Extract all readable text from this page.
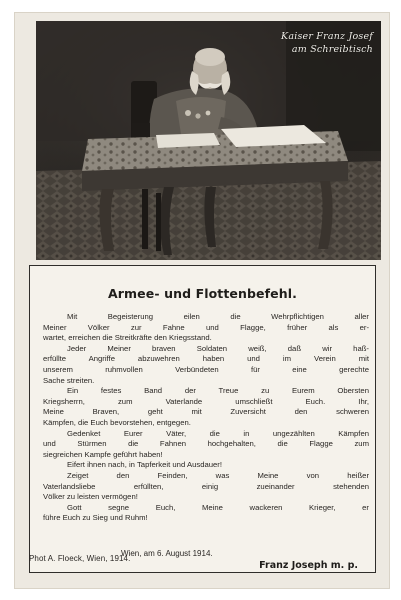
Kaiser Franz Josef
am Schreibtisch
Armee- und Flottenbefehl.

Mit Begeisterung eilen die Wehrpflichtigen aller
Meiner Völker zur Fahne und Flagge, früher als er-
wartet, erreichen die Streitkräfte den Kriegsstand.

Jeder Meiner braven Soldaten weiß, daß wir haß-
erfüllte Angriffe abzuwehren haben und im Verein mit
unserem ruhmvollen Verbündeten für eine gerechte
Sache streiten.

Ein festes Band der Treue zu Eurem Obersten
Kriegsherrn, zum Vaterlande umschließt Euch. Ihr,
Meine Braven, geht mit Zuversicht den schweren
Kämpfen, die Euch bevorstehen, entgegen.

Gedenket Eurer Väter, die in ungezählten Kämpfen
und Stürmen die Fahnen hochgehalten, die Flagge zum
siegreichen Kampfe geführt haben!

Eifert ihnen nach, in Tapferkeit und Ausdauer!

Zeiget den Feinden, was Meine von heißer
Vaterlandsliebe erfüllten, einig zueinander stehenden
Völker zu leisten vermögen!

Gott segne Euch, Meine wackeren Krieger, er
führe Euch zu Sieg und Ruhm!

Wien, am 6. August 1914.
Franz Joseph m. p.
Phot A. Floeck, Wien, 1914.
